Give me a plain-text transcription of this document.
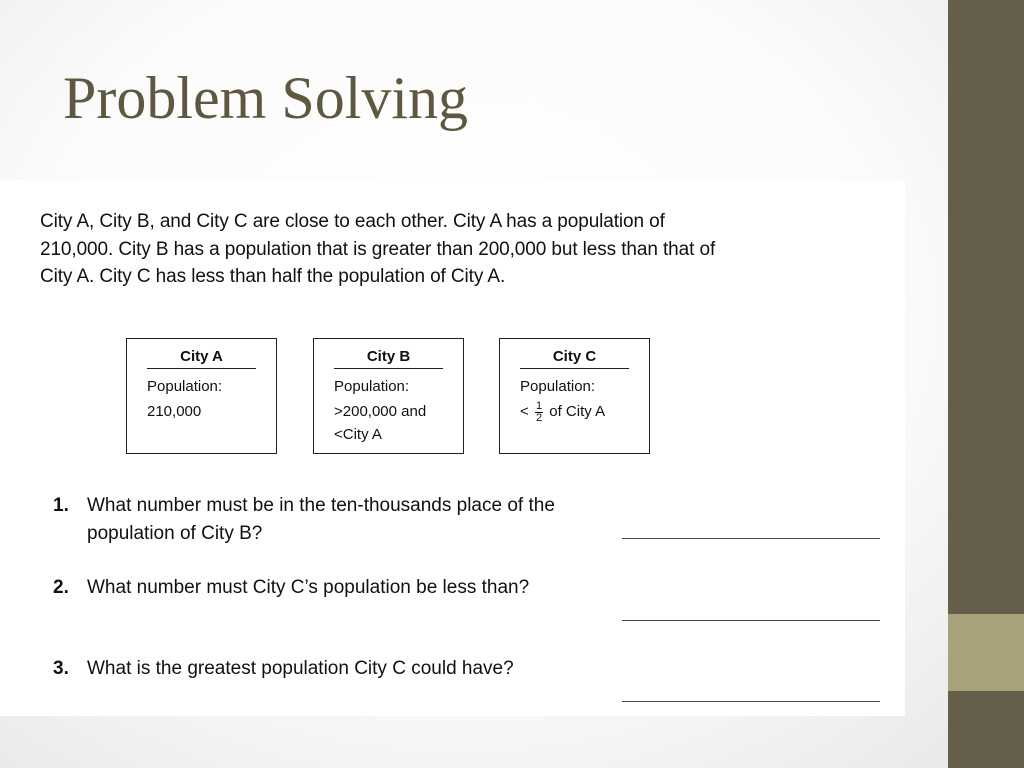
Problem Solving

City A, City B, and City C are close to each other. City A has a population of 210,000. City B has a population that is greater than 200,000 but less than that of City A. City C has less than half the population of City A.

City A
Population:
210,000
City B
Population:
>200,000 and
<City A
City C
Population:
< $\frac{1}{2}$ of City A
1. What number must be in the ten-thousands place of the population of City B?

2. What number must City C’s population be less than?

3. What is the greatest population City C could have?
